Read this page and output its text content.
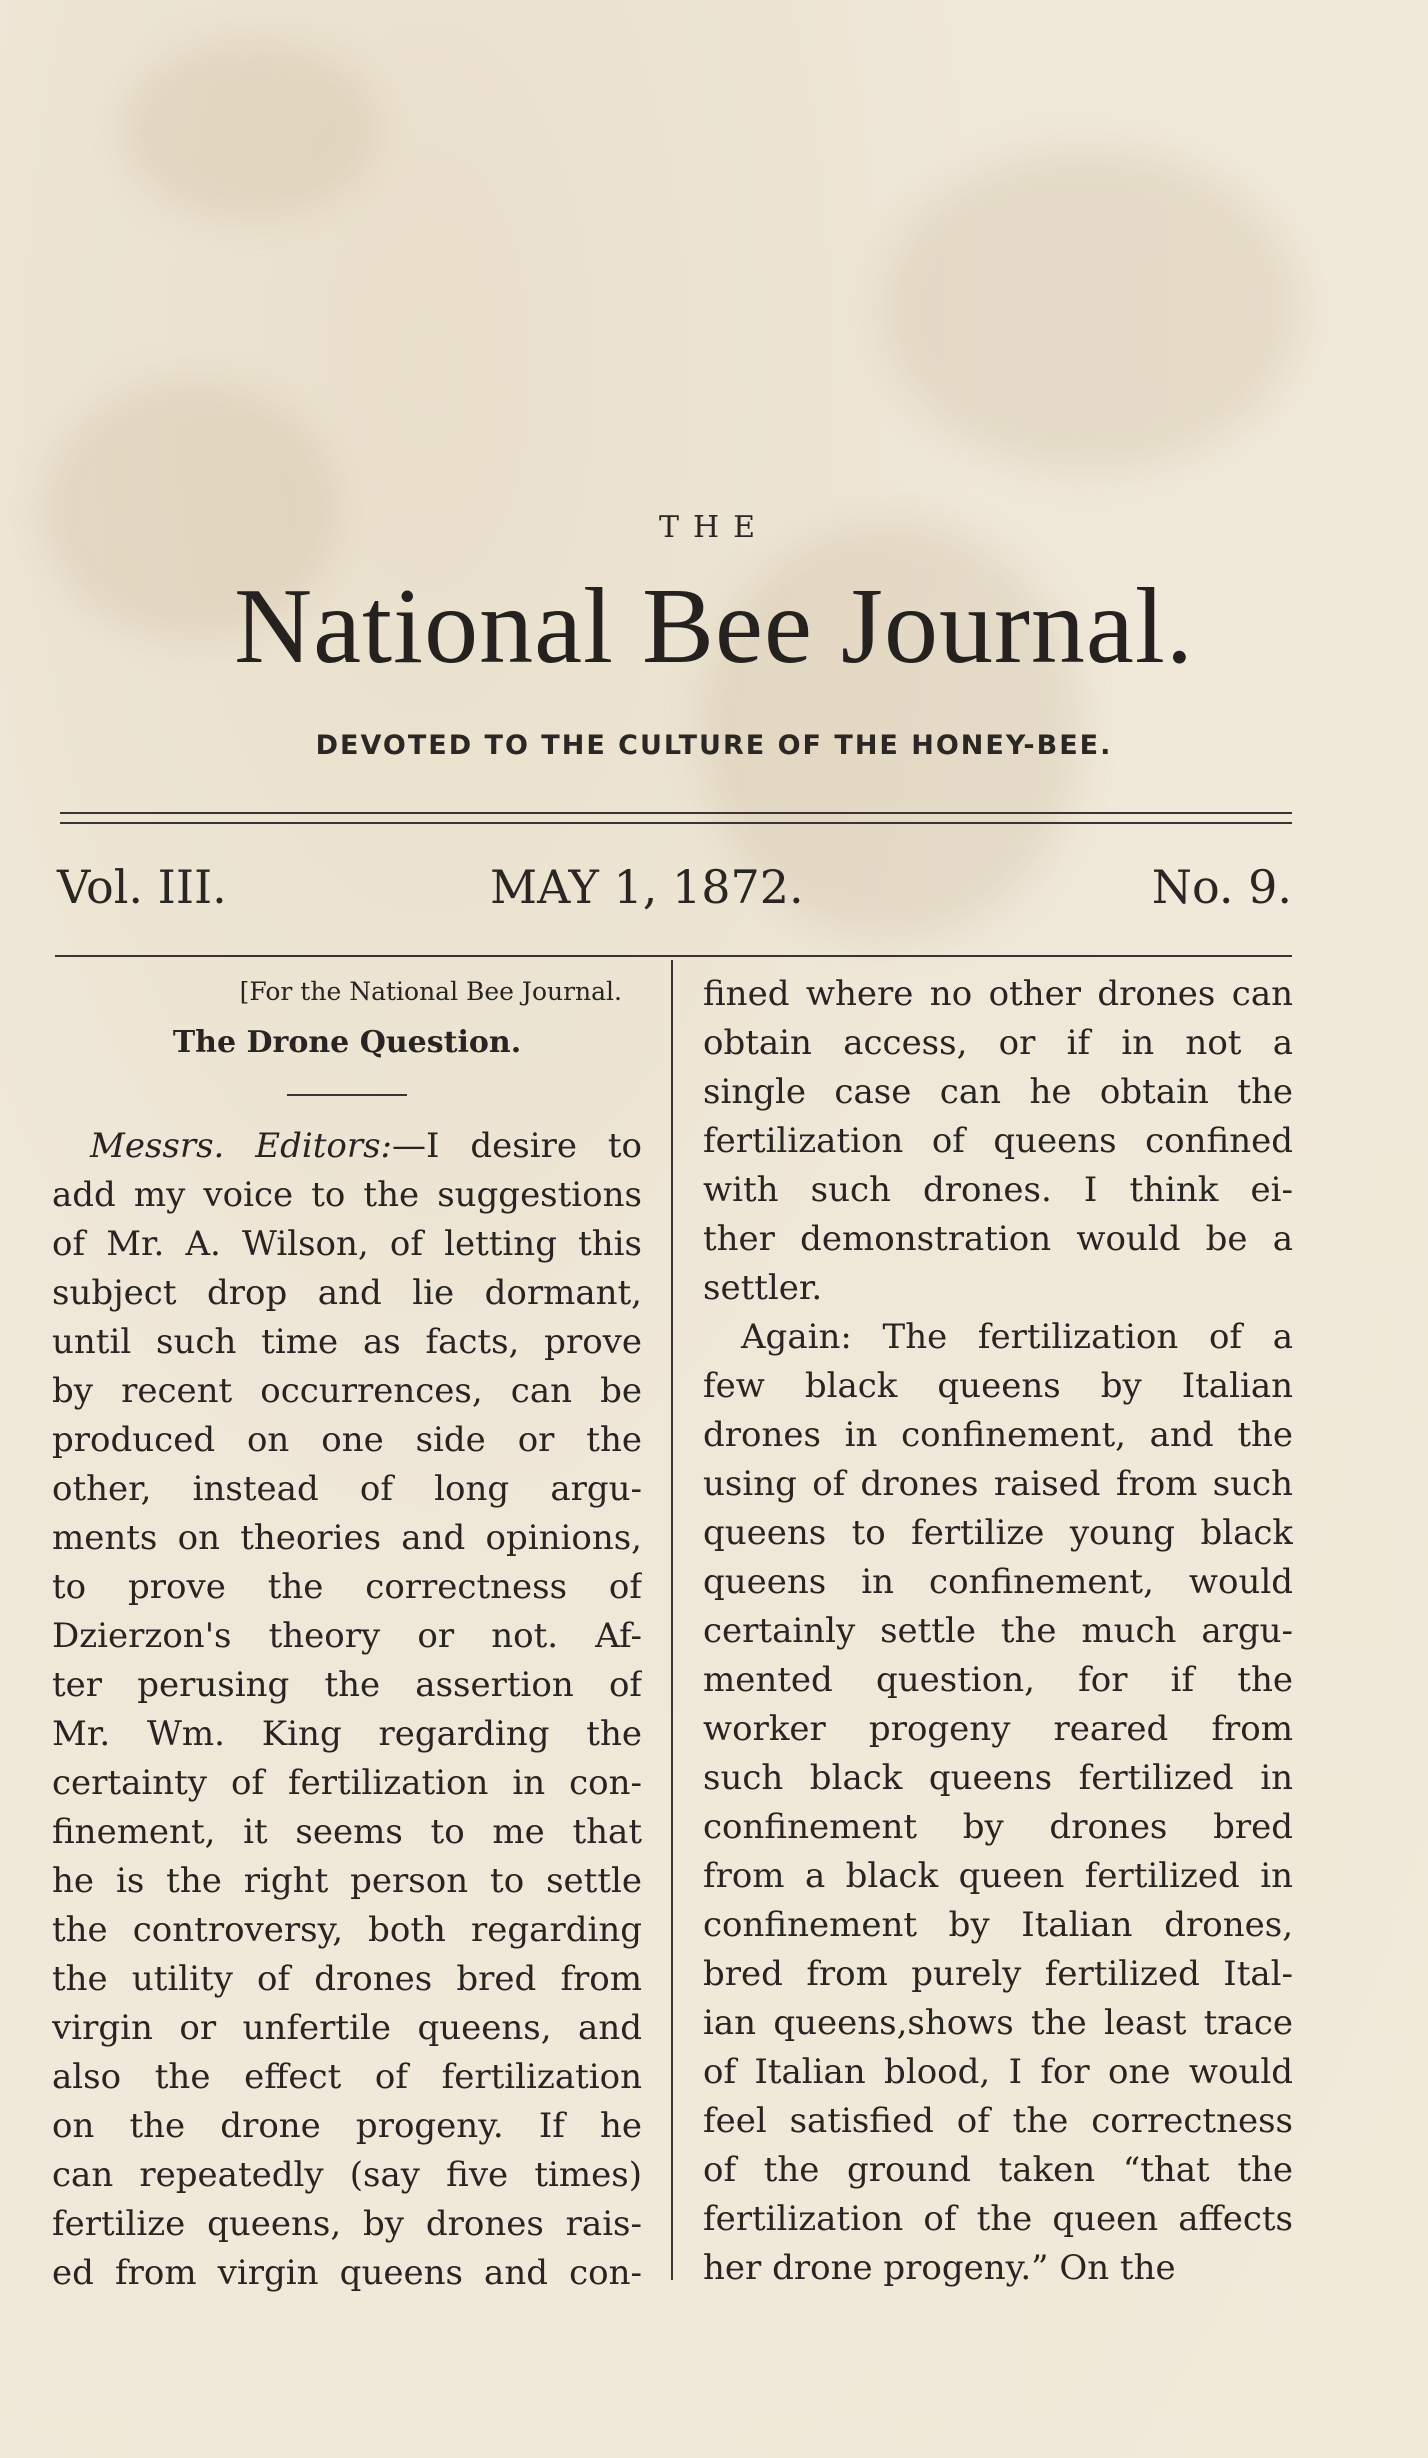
THE
National Bee Journal.
DEVOTED TO THE CULTURE OF THE HONEY-BEE.
Vol. III.	MAY 1, 1872.	No. 9.
[For the National Bee Journal.
The Drone Question.
Messrs. Editors:—I desire to
add my voice to the suggestions
of Mr. A. Wilson, of letting this
subject drop and lie dormant,
until such time as facts, prove
by recent occurrences, can be
produced on one side or the
other, instead of long argu-
ments on theories and opinions,
to prove the correctness of
Dzierzon's theory or not. Af-
ter perusing the assertion of
Mr. Wm. King regarding the
certainty of fertilization in con-
finement, it seems to me that
he is the right person to settle
the controversy, both regarding
the utility of drones bred from
virgin or unfertile queens, and
also the effect of fertilization
on the drone progeny. If he
can repeatedly (say five times)
fertilize queens, by drones rais-
ed from virgin queens and con-
fined where no other drones can
obtain access, or if in not a
single case can he obtain the
fertilization of queens confined
with such drones. I think ei-
ther demonstration would be a
settler.
Again: The fertilization of a
few black queens by Italian
drones in confinement, and the
using of drones raised from such
queens to fertilize young black
queens in confinement, would
certainly settle the much argu-
mented question, for if the
worker progeny reared from
such black queens fertilized in
confinement by drones bred
from a black queen fertilized in
confinement by Italian drones,
bred from purely fertilized Ital-
ian queens,shows the least trace
of Italian blood, I for one would
feel satisfied of the correctness
of the ground taken “that the
fertilization of the queen affects
her drone progeny.” On the
